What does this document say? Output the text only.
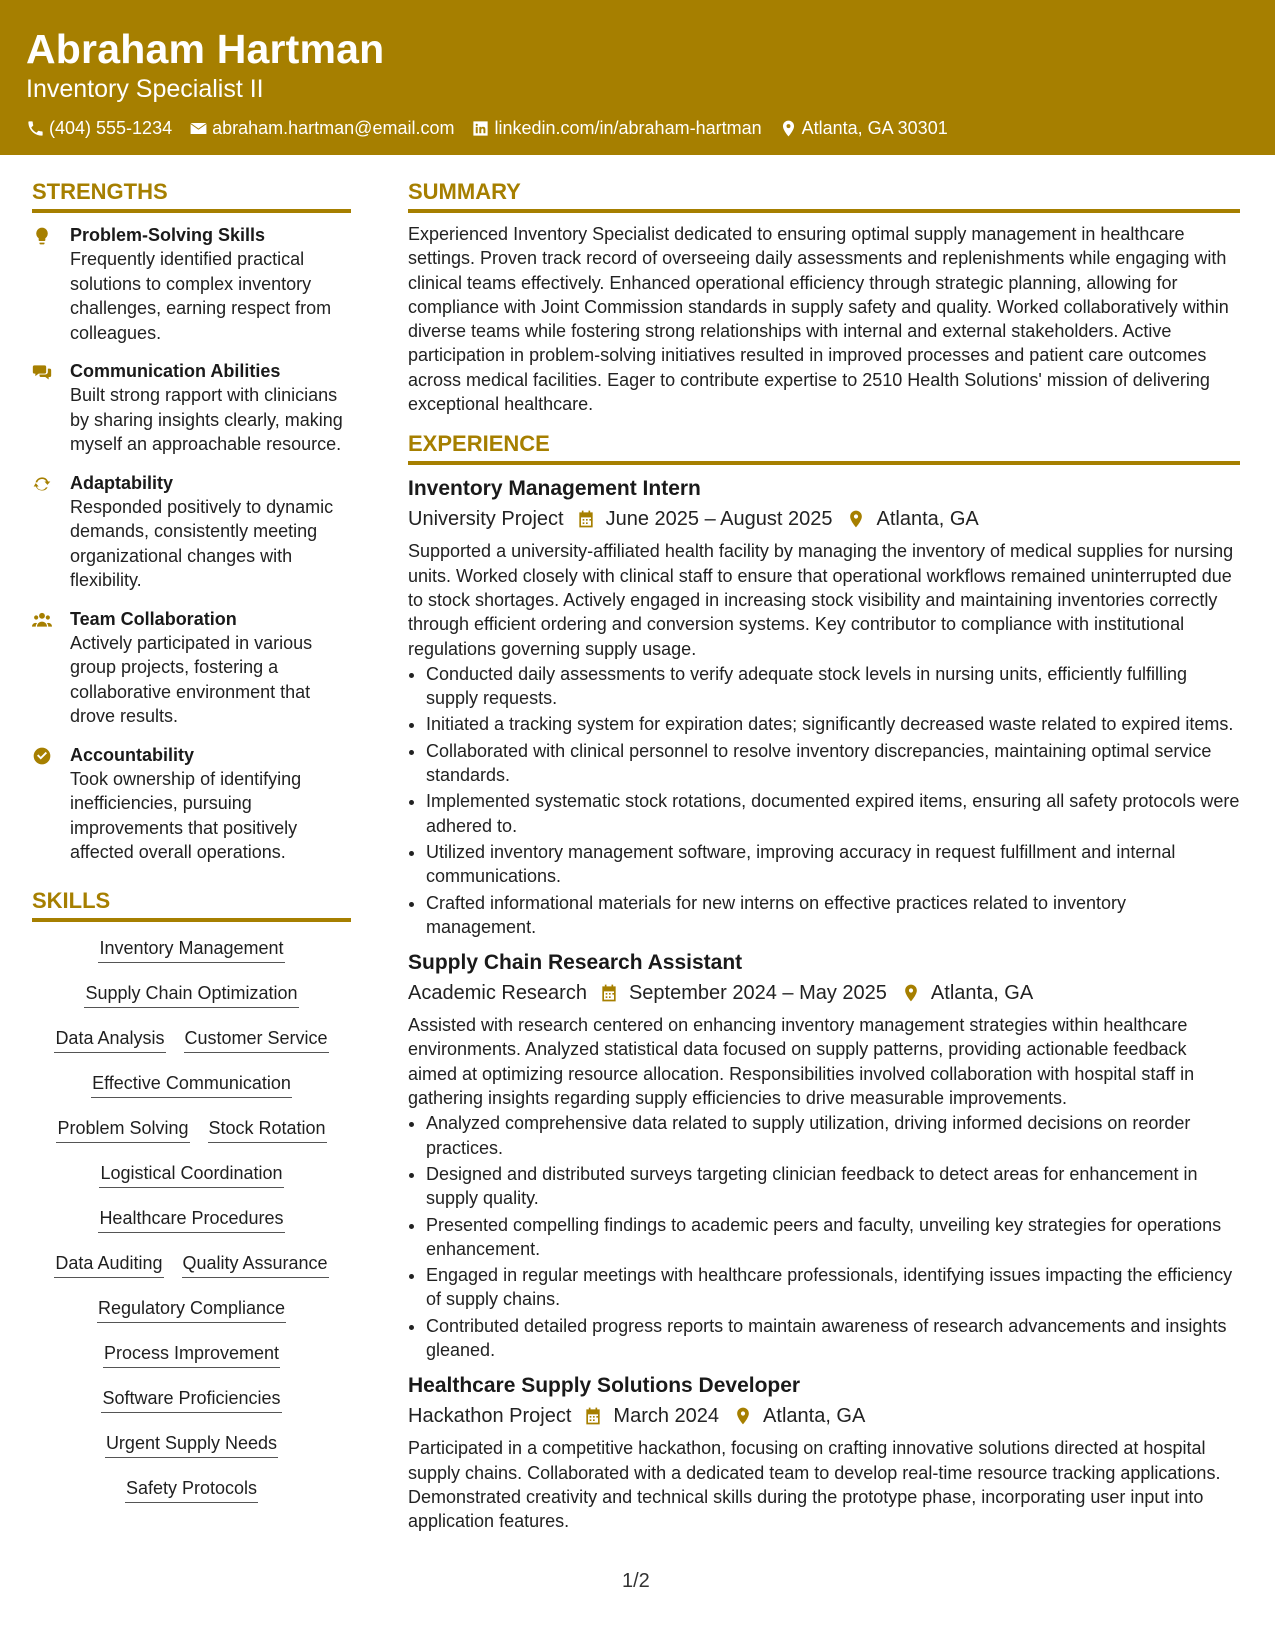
Abraham Hartman
Inventory Specialist II
(404) 555-1234 abraham.hartman@email.com linkedin.com/in/abraham-hartman Atlanta, GA 30301
STRENGTHS
Problem-Solving Skills
Frequently identified practical solutions to complex inventory challenges, earning respect from colleagues.
Communication Abilities
Built strong rapport with clinicians by sharing insights clearly, making myself an approachable resource.
Adaptability
Responded positively to dynamic demands, consistently meeting organizational changes with flexibility.
Team Collaboration
Actively participated in various group projects, fostering a collaborative environment that drove results.
Accountability
Took ownership of identifying inefficiencies, pursuing improvements that positively affected overall operations.
SKILLS
Inventory Management
Supply Chain Optimization
Data Analysis Customer Service
Effective Communication
Problem Solving Stock Rotation
Logistical Coordination
Healthcare Procedures
Data Auditing Quality Assurance
Regulatory Compliance
Process Improvement
Software Proficiencies
Urgent Supply Needs
Safety Protocols
SUMMARY
Experienced Inventory Specialist dedicated to ensuring optimal supply management in healthcare settings. Proven track record of overseeing daily assessments and replenishments while engaging with clinical teams effectively. Enhanced operational efficiency through strategic planning, allowing for compliance with Joint Commission standards in supply safety and quality. Worked collaboratively within diverse teams while fostering strong relationships with internal and external stakeholders. Active participation in problem-solving initiatives resulted in improved processes and patient care outcomes across medical facilities. Eager to contribute expertise to 2510 Health Solutions' mission of delivering exceptional healthcare.
EXPERIENCE
Inventory Management Intern
University Project June 2025 – August 2025 Atlanta, GA
Supported a university-affiliated health facility by managing the inventory of medical supplies for nursing units. Worked closely with clinical staff to ensure that operational workflows remained uninterrupted due to stock shortages. Actively engaged in increasing stock visibility and maintaining inventories correctly through efficient ordering and conversion systems. Key contributor to compliance with institutional regulations governing supply usage.
• Conducted daily assessments to verify adequate stock levels in nursing units, efficiently fulfilling supply requests.
• Initiated a tracking system for expiration dates; significantly decreased waste related to expired items.
• Collaborated with clinical personnel to resolve inventory discrepancies, maintaining optimal service standards.
• Implemented systematic stock rotations, documented expired items, ensuring all safety protocols were adhered to.
• Utilized inventory management software, improving accuracy in request fulfillment and internal communications.
• Crafted informational materials for new interns on effective practices related to inventory management.
Supply Chain Research Assistant
Academic Research September 2024 – May 2025 Atlanta, GA
Assisted with research centered on enhancing inventory management strategies within healthcare environments. Analyzed statistical data focused on supply patterns, providing actionable feedback aimed at optimizing resource allocation. Responsibilities involved collaboration with hospital staff in gathering insights regarding supply efficiencies to drive measurable improvements.
• Analyzed comprehensive data related to supply utilization, driving informed decisions on reorder practices.
• Designed and distributed surveys targeting clinician feedback to detect areas for enhancement in supply quality.
• Presented compelling findings to academic peers and faculty, unveiling key strategies for operations enhancement.
• Engaged in regular meetings with healthcare professionals, identifying issues impacting the efficiency of supply chains.
• Contributed detailed progress reports to maintain awareness of research advancements and insights gleaned.
Healthcare Supply Solutions Developer
Hackathon Project March 2024 Atlanta, GA
Participated in a competitive hackathon, focusing on crafting innovative solutions directed at hospital supply chains. Collaborated with a dedicated team to develop real-time resource tracking applications. Demonstrated creativity and technical skills during the prototype phase, incorporating user input into application features.
1/2
